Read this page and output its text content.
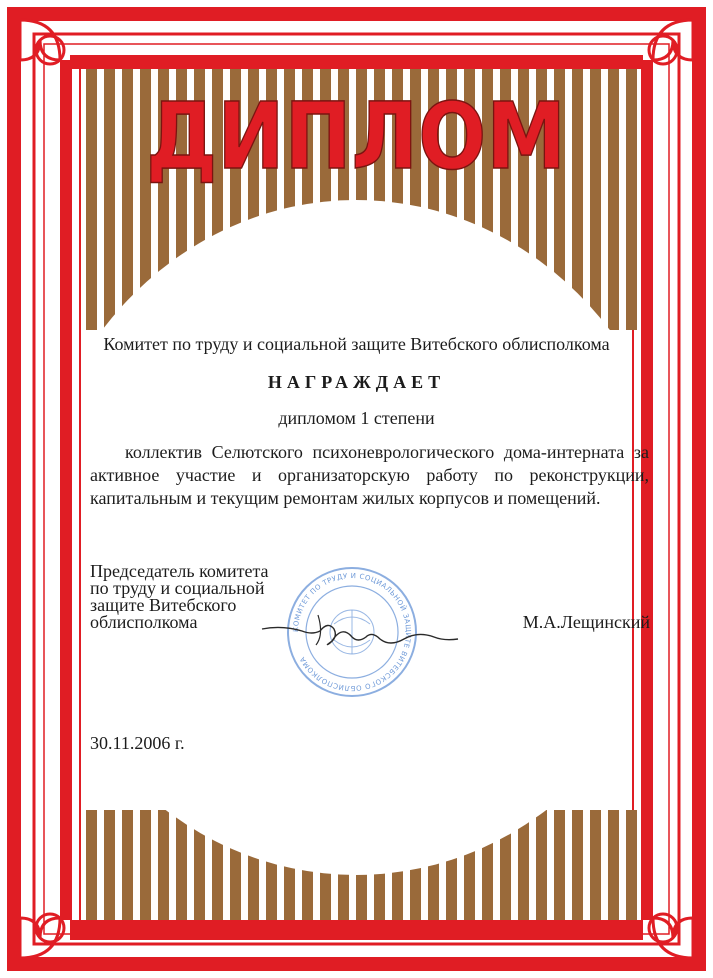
ДИПЛОМ
Комитет по труду и социальной защите Витебского облисполкома
НАГРАЖДАЕТ
дипломом 1 степени
коллектив Селютского психоневрологического дома-интерната за активное участие и организаторскую работу по реконструкции, капитальным и текущим ремонтам жилых корпусов и помещений.
Председатель комитета
по труду и социальной
защите Витебского
облисполкома	КОМИТЕТ ПО ТРУДУ И СОЦИАЛЬНОЙ ЗАЩИТЕ ВИТЕБСКОГО ОБЛИСПОЛКОМА
М.А.Лещинский
30.11.2006 г.
